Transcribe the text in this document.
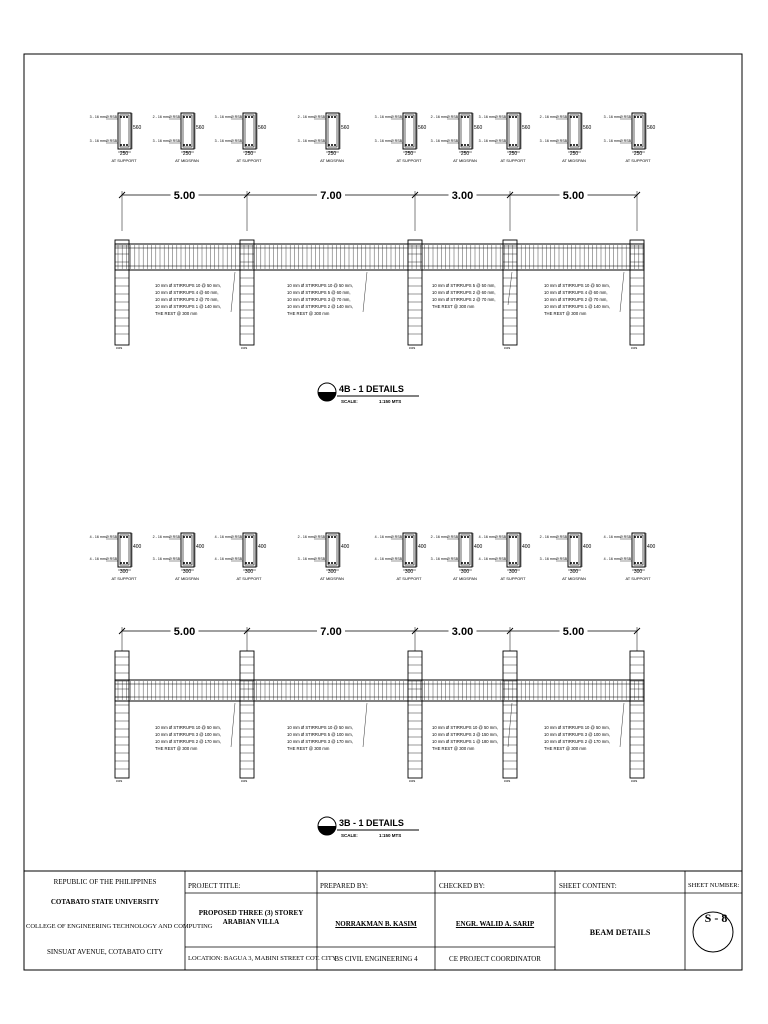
560
250
3 - 16 mmØ RSB
3 - 16 mmØ RSB
AT SUPPORT
560
250
2 - 16 mmØ RSB
3 - 16 mmØ RSB
AT MIDSPAN
560
250
3 - 16 mmØ RSB
3 - 16 mmØ RSB
AT SUPPORT
560
250
2 - 16 mmØ RSB
3 - 16 mmØ RSB
AT MIDSPAN
560
250
3 - 16 mmØ RSB
3 - 16 mmØ RSB
AT SUPPORT
560
250
2 - 16 mmØ RSB
3 - 16 mmØ RSB
AT MIDSPAN
560
250
3 - 16 mmØ RSB
3 - 16 mmØ RSB
AT SUPPORT
560
250
2 - 16 mmØ RSB
3 - 16 mmØ RSB
AT MIDSPAN
560
250
3 - 16 mmØ RSB
3 - 16 mmØ RSB
AT SUPPORT
5.00	7.00	3.00	5.00
cos	cos	cos	cos	cos
10 mm Ø STIRRUPS 10 @ 50 mm,
10 mm Ø STIRRUPS 4 @ 60 mm,
10 mm Ø STIRRUPS 2 @ 70 mm,
10 mm Ø STIRRUPS 1 @ 140 mm,
THE REST @ 300 mm
10 mm Ø STIRRUPS 10 @ 50 mm,
10 mm Ø STIRRUPS 5 @ 60 mm,
10 mm Ø STIRRUPS 3 @ 70 mm,
10 mm Ø STIRRUPS 2 @ 140 mm,
THE REST @ 300 mm
10 mm Ø STIRRUPS 5 @ 50 mm,
10 mm Ø STIRRUPS 2 @ 60 mm,
10 mm Ø STIRRUPS 2 @ 70 mm,
THE REST @ 300 mm
10 mm Ø STIRRUPS 10 @ 50 mm,
10 mm Ø STIRRUPS 4 @ 60 mm,
10 mm Ø STIRRUPS 2 @ 70 mm,
10 mm Ø STIRRUPS 1 @ 140 mm,
THE REST @ 300 mm
4B - 1 DETAILS
SCALE:	1:150 MTS
400
300
4 - 16 mmØ RSB
4 - 16 mmØ RSB
AT SUPPORT
400
300
2 - 16 mmØ RSB
3 - 16 mmØ RSB
AT MIDSPAN
400
300
4 - 16 mmØ RSB
4 - 16 mmØ RSB
AT SUPPORT
400
300
2 - 16 mmØ RSB
3 - 16 mmØ RSB
AT MIDSPAN
400
300
4 - 16 mmØ RSB
4 - 16 mmØ RSB
AT SUPPORT
400
300
2 - 16 mmØ RSB
3 - 16 mmØ RSB
AT MIDSPAN
400
300
4 - 16 mmØ RSB
4 - 16 mmØ RSB
AT SUPPORT
400
300
2 - 16 mmØ RSB
3 - 16 mmØ RSB
AT MIDSPAN
400
300
4 - 16 mmØ RSB
4 - 16 mmØ RSB
AT SUPPORT
5.00	7.00	3.00	5.00
cos	cos	cos	cos	cos
10 mm Ø STIRRUPS 10 @ 50 mm,
10 mm Ø STIRRUPS 3 @ 100 mm,
10 mm Ø STIRRUPS 2 @ 170 mm,
THE REST @ 300 mm
10 mm Ø STIRRUPS 10 @ 50 mm,
10 mm Ø STIRRUPS 5 @ 100 mm,
10 mm Ø STIRRUPS 3 @ 170 mm,
THE REST @ 300 mm
10 mm Ø STIRRUPS 10 @ 50 mm,
10 mm Ø STIRRUPS 3 @ 150 mm,
10 mm Ø STIRRUPS 1 @ 180 mm,
THE REST @ 300 mm
10 mm Ø STIRRUPS 10 @ 50 mm,
10 mm Ø STIRRUPS 3 @ 100 mm,
10 mm Ø STIRRUPS 2 @ 170 mm,
THE REST @ 300 mm
3B - 1 DETAILS
SCALE:	1:150 MTS
REPUBLIC OF THE PHILIPPINES
COTABATO STATE UNIVERSITY
COLLEGE OF ENGINEERING TECHNOLOGY AND COMPUTING
SINSUAT AVENUE, COTABATO CITY
PROJECT TITLE:
PROPOSED THREE (3) STOREY
ARABIAN VILLA
LOCATION: BAGUA 3, MABINI STREET COT. CITY
PREPARED BY:
NORRAKMAN B. KASIM
BS CIVIL ENGINEERING 4
CHECKED BY:
ENGR. WALID A. SARIP
CE PROJECT COORDINATOR
SHEET CONTENT:
BEAM DETAILS
SHEET NUMBER:
S - 8
